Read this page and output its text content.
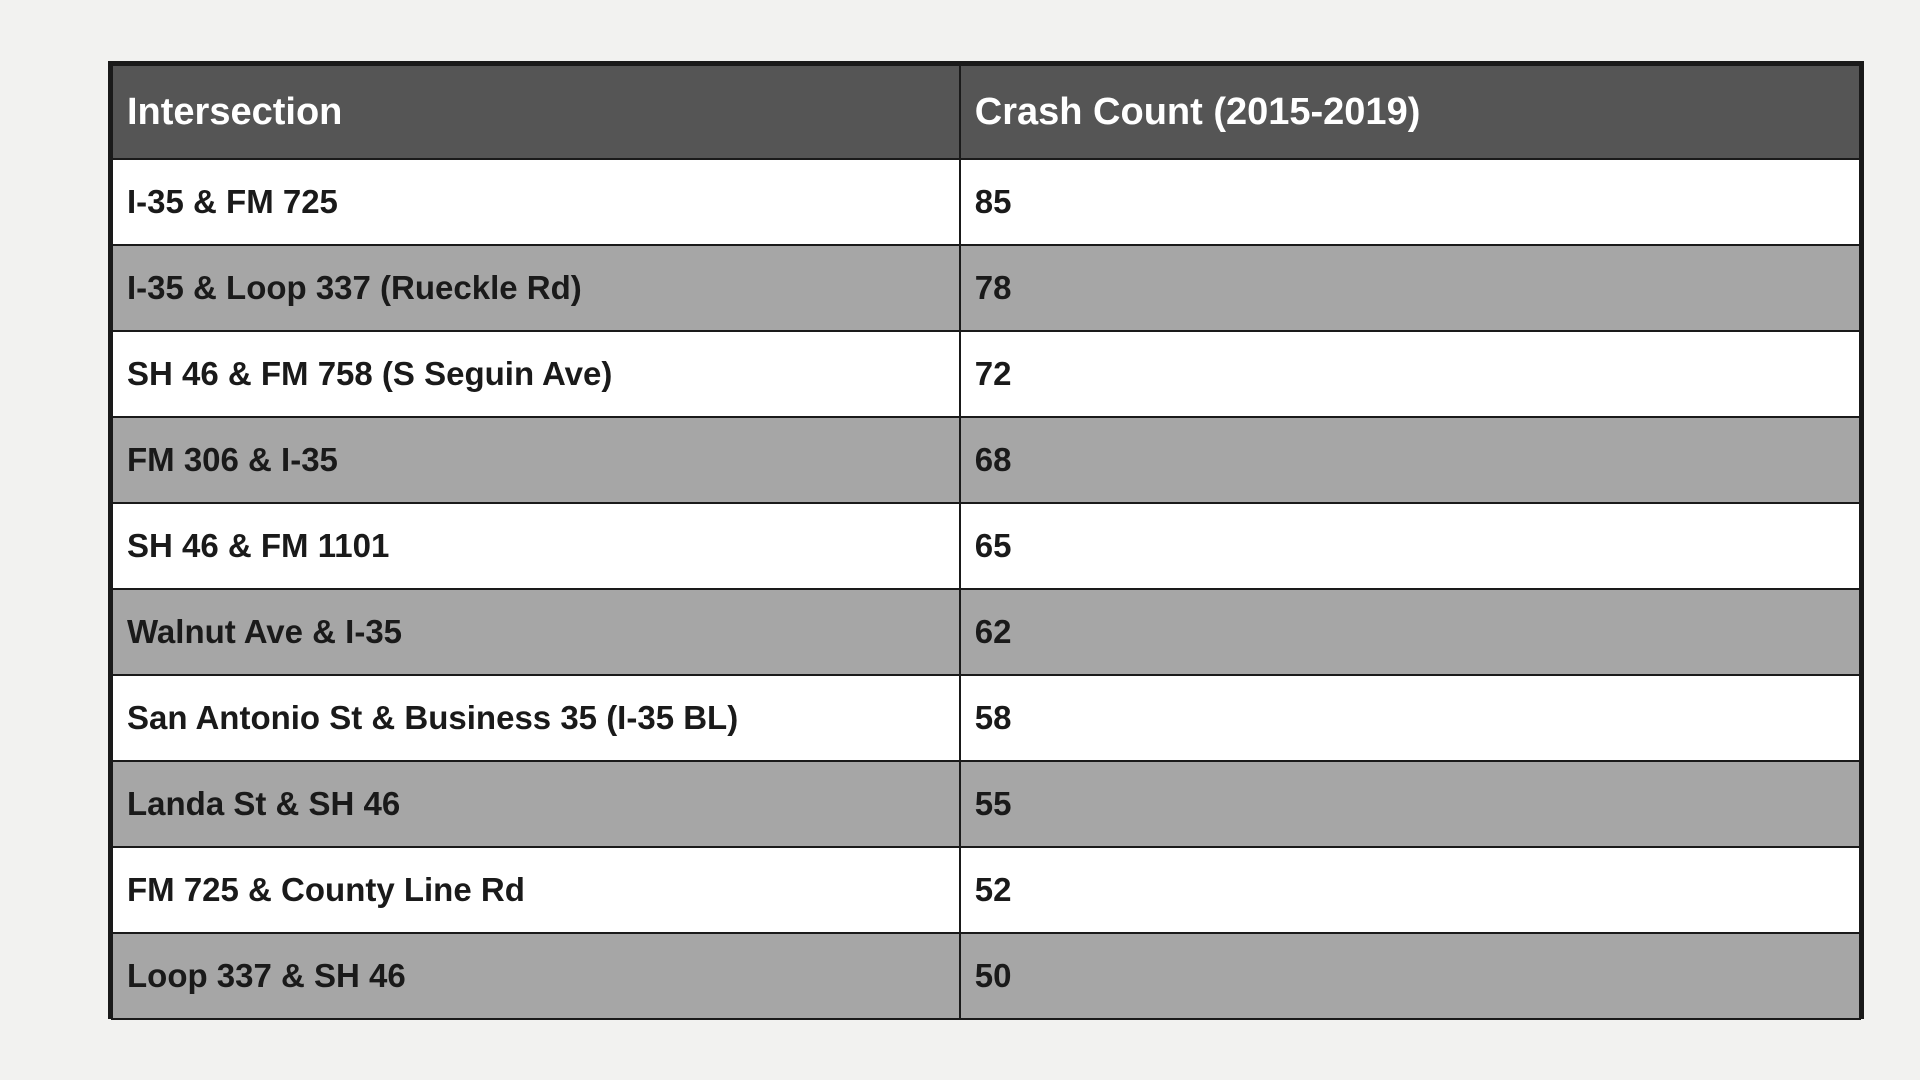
Intersection	Crash Count (2015-2019)
I-35 & FM 725	85
I-35 & Loop 337 (Rueckle Rd)	78
SH 46 & FM 758 (S Seguin Ave)	72
FM 306 & I-35	68
SH 46 & FM 1101	65
Walnut Ave & I-35	62
San Antonio St & Business 35 (I-35 BL)	58
Landa St & SH 46	55
FM 725 & County Line Rd	52
Loop 337 & SH 46	50
